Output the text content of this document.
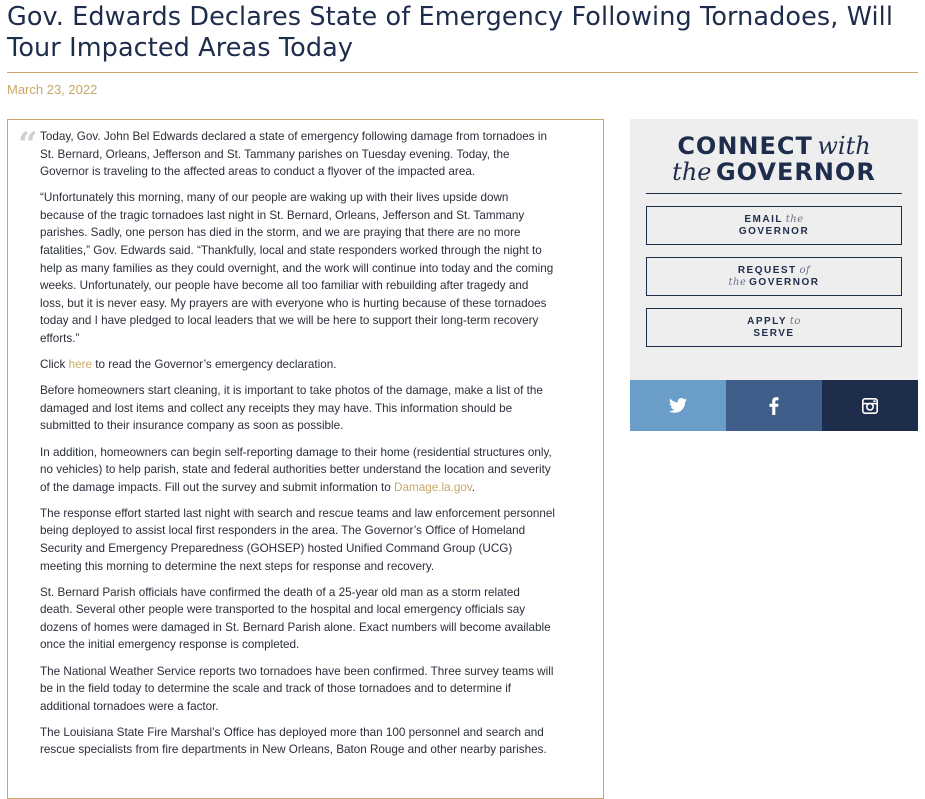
Gov. Edwards Declares State of Emergency Following Tornadoes, Will Tour Impacted Areas Today
March 23, 2022
“ Today, Gov. John Bel Edwards declared a state of emergency following damage from tornadoes in St. Bernard, Orleans, Jefferson and St. Tammany parishes on Tuesday evening. Today, the Governor is traveling to the affected areas to conduct a flyover of the impacted area.

“Unfortunately this morning, many of our people are waking up with their lives upside down because of the tragic tornadoes last night in St. Bernard, Orleans, Jefferson and St. Tammany parishes. Sadly, one person has died in the storm, and we are praying that there are no more fatalities,” Gov. Edwards said. “Thankfully, local and state responders worked through the night to help as many families as they could overnight, and the work will continue into today and the coming weeks. Unfortunately, our people have become all too familiar with rebuilding after tragedy and loss, but it is never easy. My prayers are with everyone who is hurting because of these tornadoes today and I have pledged to local leaders that we will be here to support their long-term recovery efforts.”

Click here to read the Governor’s emergency declaration.

Before homeowners start cleaning, it is important to take photos of the damage, make a list of the damaged and lost items and collect any receipts they may have. This information should be submitted to their insurance company as soon as possible.

In addition, homeowners can begin self-reporting damage to their home (residential structures only, no vehicles) to help parish, state and federal authorities better understand the location and severity of the damage impacts. Fill out the survey and submit information to Damage.la.gov.

The response effort started last night with search and rescue teams and law enforcement personnel being deployed to assist local first responders in the area. The Governor’s Office of Homeland Security and Emergency Preparedness (GOHSEP) hosted Unified Command Group (UCG) meeting this morning to determine the next steps for response and recovery.

St. Bernard Parish officials have confirmed the death of a 25-year old man as a storm related death. Several other people were transported to the hospital and local emergency officials say dozens of homes were damaged in St. Bernard Parish alone. Exact numbers will become available once the initial emergency response is completed.

The National Weather Service reports two tornadoes have been confirmed. Three survey teams will be in the field today to determine the scale and track of those tornadoes and to determine if additional tornadoes were a factor.

The Louisiana State Fire Marshal’s Office has deployed more than 100 personnel and search and rescue specialists from fire departments in New Orleans, Baton Rouge and other nearby parishes.

CONNECT with
the GOVERNOR
EMAIL the
GOVERNOR
REQUEST of
the GOVERNOR
APPLY to
SERVE
